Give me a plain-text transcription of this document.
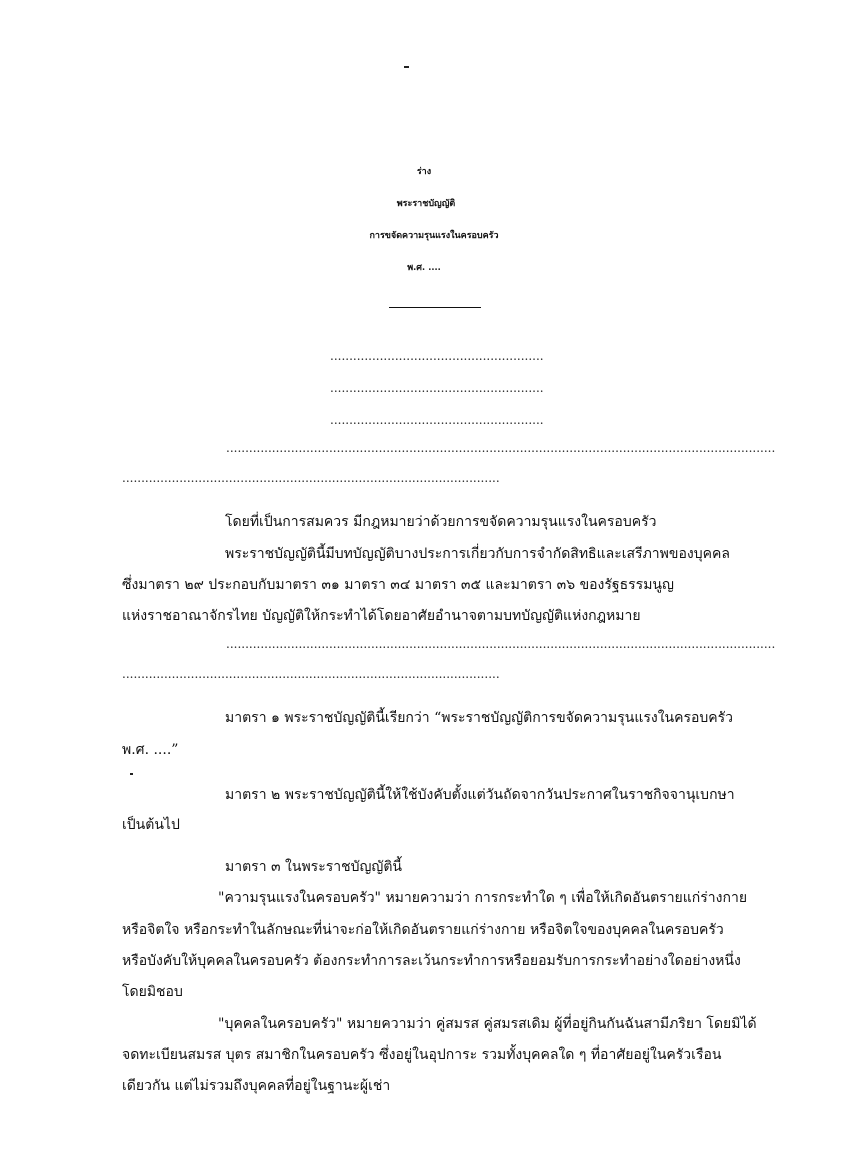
ร่าง
พระราชบัญญัติ
การขจัดความรุนแรงในครอบครัว
พ.ศ. ....
........................................................
........................................................
........................................................
................................................................................................................................................
...................................................................................................
โดยที่เป็นการสมควร มีกฎหมายว่าด้วยการขจัดความรุนแรงในครอบครัว
พระราชบัญญัตินี้มีบทบัญญัติบางประการเกี่ยวกับการจำกัดสิทธิและเสรีภาพของบุคคล
ซึ่งมาตรา ๒๙ ประกอบกับมาตรา ๓๑ มาตรา ๓๔ มาตรา ๓๕ และมาตรา ๓๖ ของรัฐธรรมนูญ
แห่งราชอาณาจักรไทย บัญญัติให้กระทำได้โดยอาศัยอำนาจตามบทบัญญัติแห่งกฎหมาย
................................................................................................................................................
...................................................................................................
มาตรา ๑ พระราชบัญญัตินี้เรียกว่า “พระราชบัญญัติการขจัดความรุนแรงในครอบครัว
พ.ศ. ....”
มาตรา ๒ พระราชบัญญัตินี้ให้ใช้บังคับตั้งแต่วันถัดจากวันประกาศในราชกิจจานุเบกษา
เป็นต้นไป
มาตรา ๓ ในพระราชบัญญัตินี้
"ความรุนแรงในครอบครัว" หมายความว่า การกระทำใด ๆ เพื่อให้เกิดอันตรายแก่ร่างกาย
หรือจิตใจ หรือกระทำในลักษณะที่น่าจะก่อให้เกิดอันตรายแก่ร่างกาย หรือจิตใจของบุคคลในครอบครัว
หรือบังคับให้บุคคลในครอบครัว ต้องกระทำการละเว้นกระทำการหรือยอมรับการกระทำอย่างใดอย่างหนึ่ง
โดยมิชอบ
"บุคคลในครอบครัว" หมายความว่า คู่สมรส คู่สมรสเดิม ผู้ที่อยู่กินกันฉันสามีภริยา โดยมิได้
จดทะเบียนสมรส บุตร สมาชิกในครอบครัว ซึ่งอยู่ในอุปการะ รวมทั้งบุคคลใด ๆ ที่อาศัยอยู่ในครัวเรือน
เดียวกัน แต่ไม่รวมถึงบุคคลที่อยู่ในฐานะผู้เช่า
